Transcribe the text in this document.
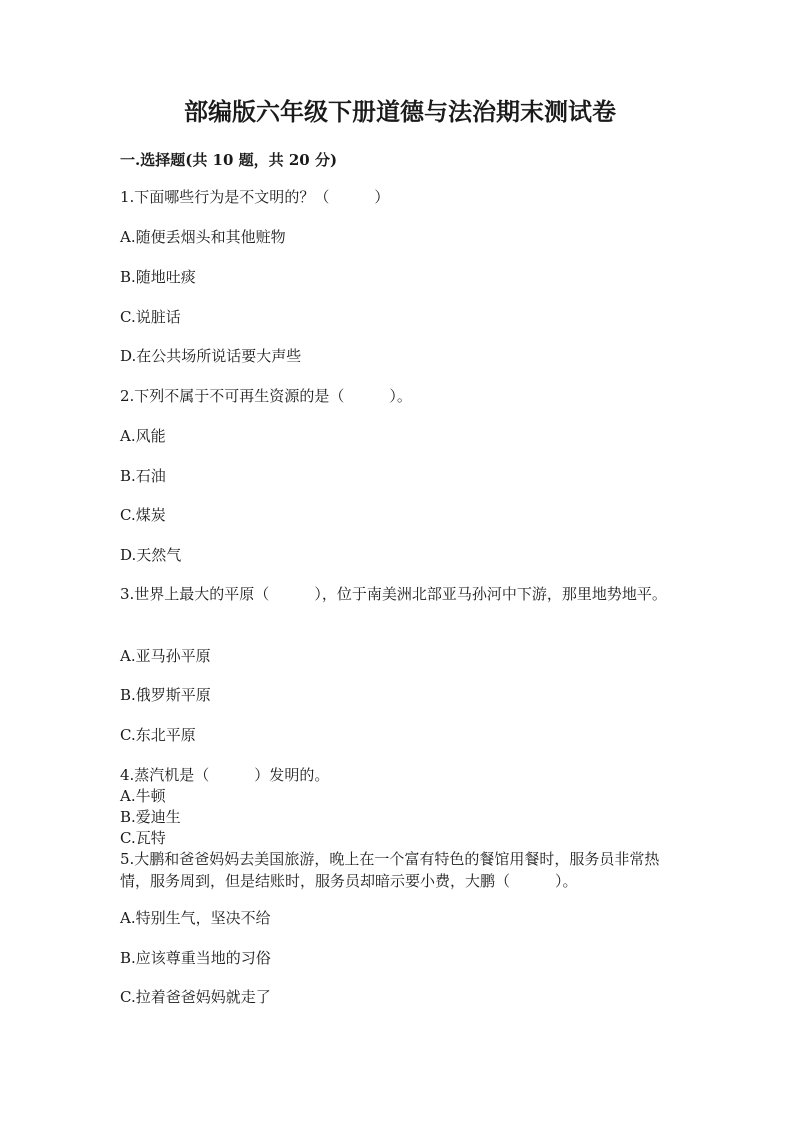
部编版六年级下册道德与法治期末测试卷
一.选择题(共 10 题，共 20 分)
1.下面哪些行为是不文明的？（　　　）
A.随便丢烟头和其他赃物
B.随地吐痰
C.说脏话
D.在公共场所说话要大声些
2.下列不属于不可再生资源的是（　　　）。
A.风能
B.石油
C.煤炭
D.天然气
3.世界上最大的平原（　　　），位于南美洲北部亚马孙河中下游，那里地势地平。
A.亚马孙平原
B.俄罗斯平原
C.东北平原
4.蒸汽机是（　　　）发明的。
A.牛顿
B.爱迪生
C.瓦特
5.大鹏和爸爸妈妈去美国旅游，晚上在一个富有特色的餐馆用餐时，服务员非常热情，服务周到，但是结账时，服务员却暗示要小费，大鹏（　　　）。
A.特别生气，坚决不给
B.应该尊重当地的习俗
C.拉着爸爸妈妈就走了
